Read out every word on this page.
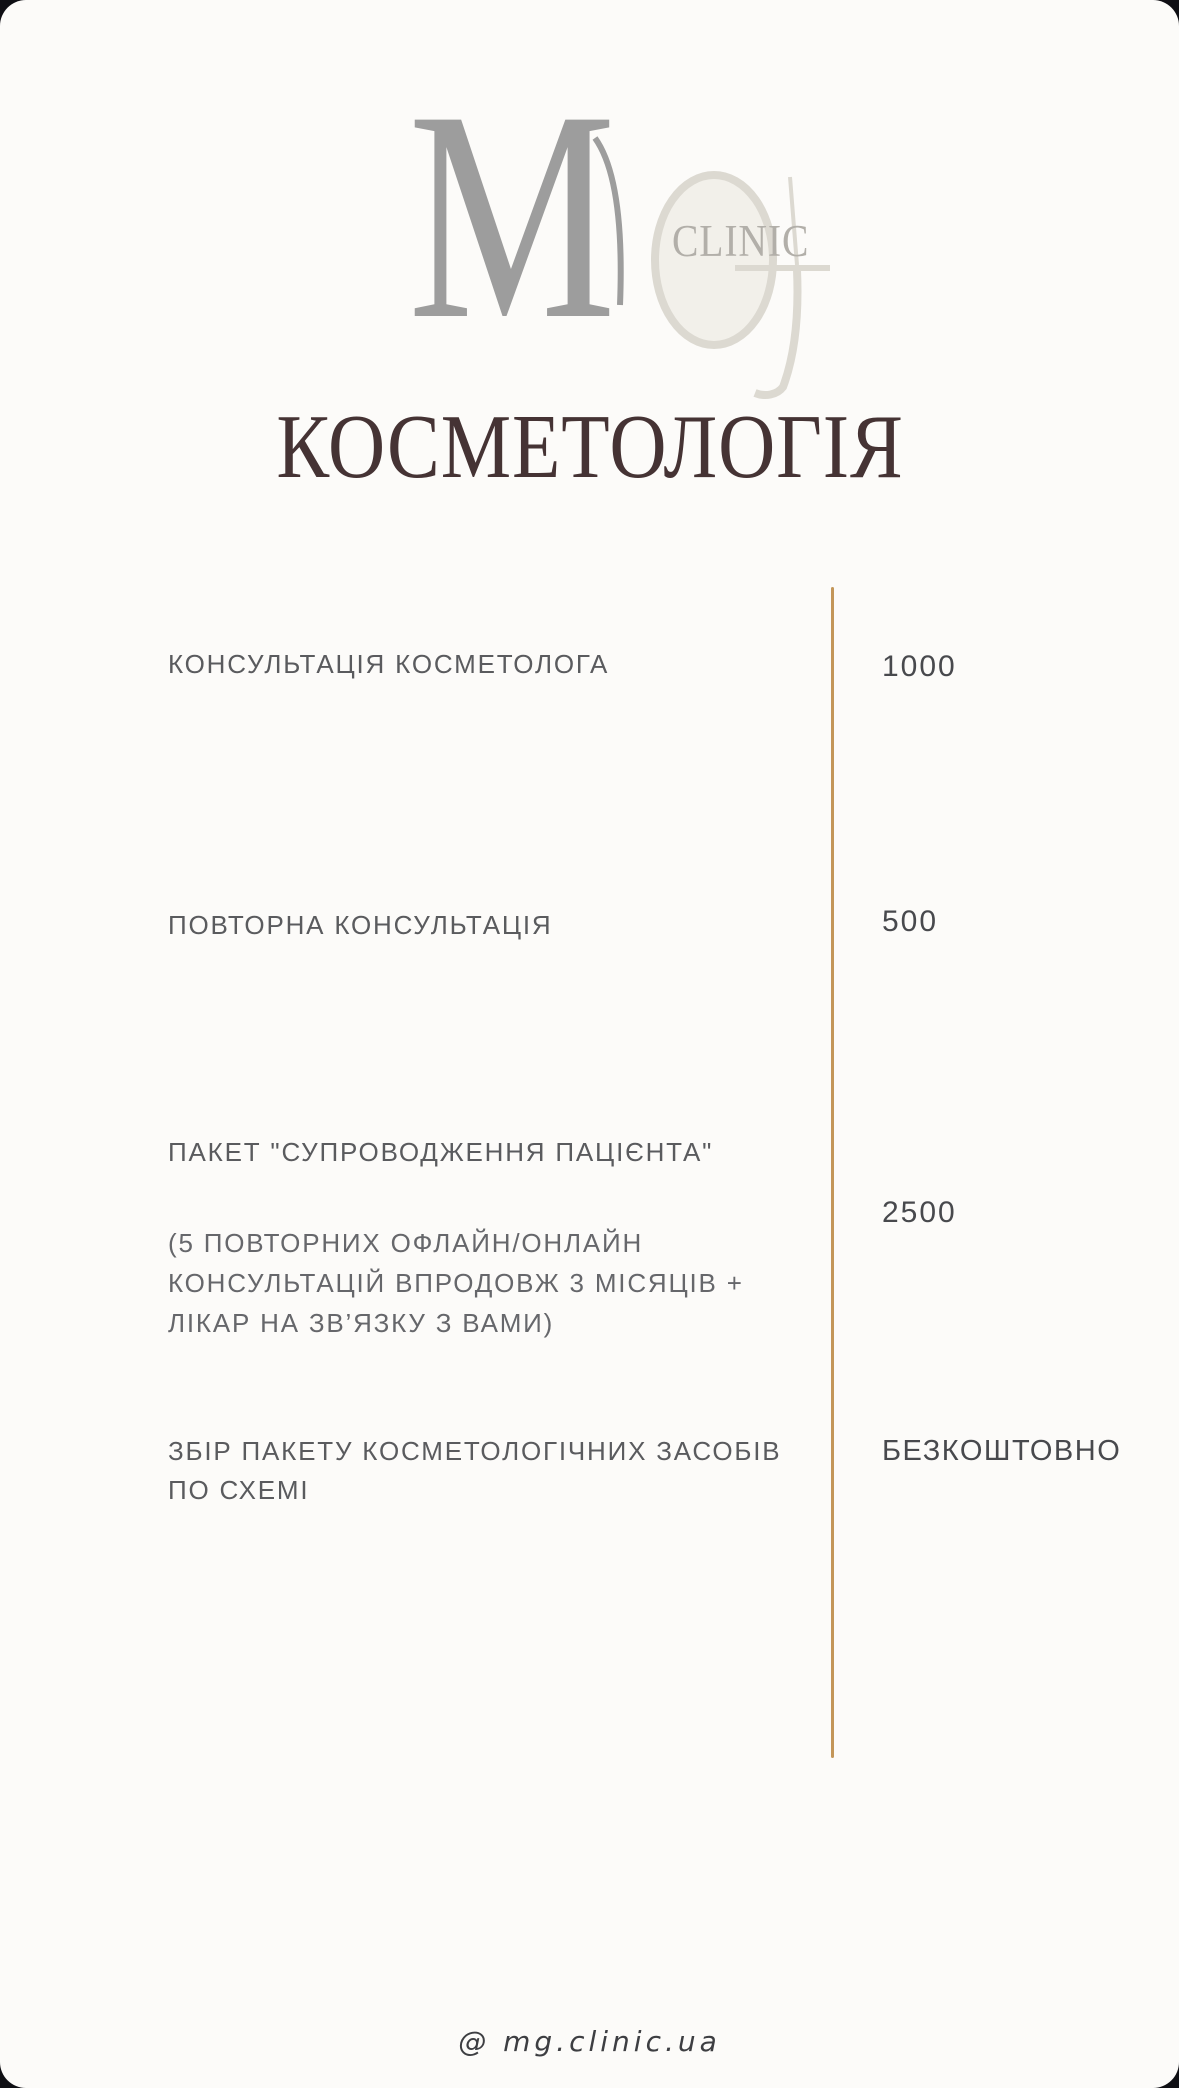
M CLINIC
КОСМЕТОЛОГІЯ
КОНСУЛЬТАЦІЯ КОСМЕТОЛОГА	1000
ПОВТОРНА КОНСУЛЬТАЦІЯ	500
ПАКЕТ "СУПРОВОДЖЕННЯ ПАЦІЄНТА"
(5 ПОВТОРНИХ ОФЛАЙН/ОНЛАЙН
КОНСУЛЬТАЦІЙ ВПРОДОВЖ 3 МІСЯЦІВ +
ЛІКАР НА ЗВ’ЯЗКУ З ВАМИ)
2500
ЗБІР ПАКЕТУ КОСМЕТОЛОГІЧНИХ ЗАСОБІВ
ПО СХЕМІ
БЕЗКОШТОВНО
@ mg.clinic.ua
